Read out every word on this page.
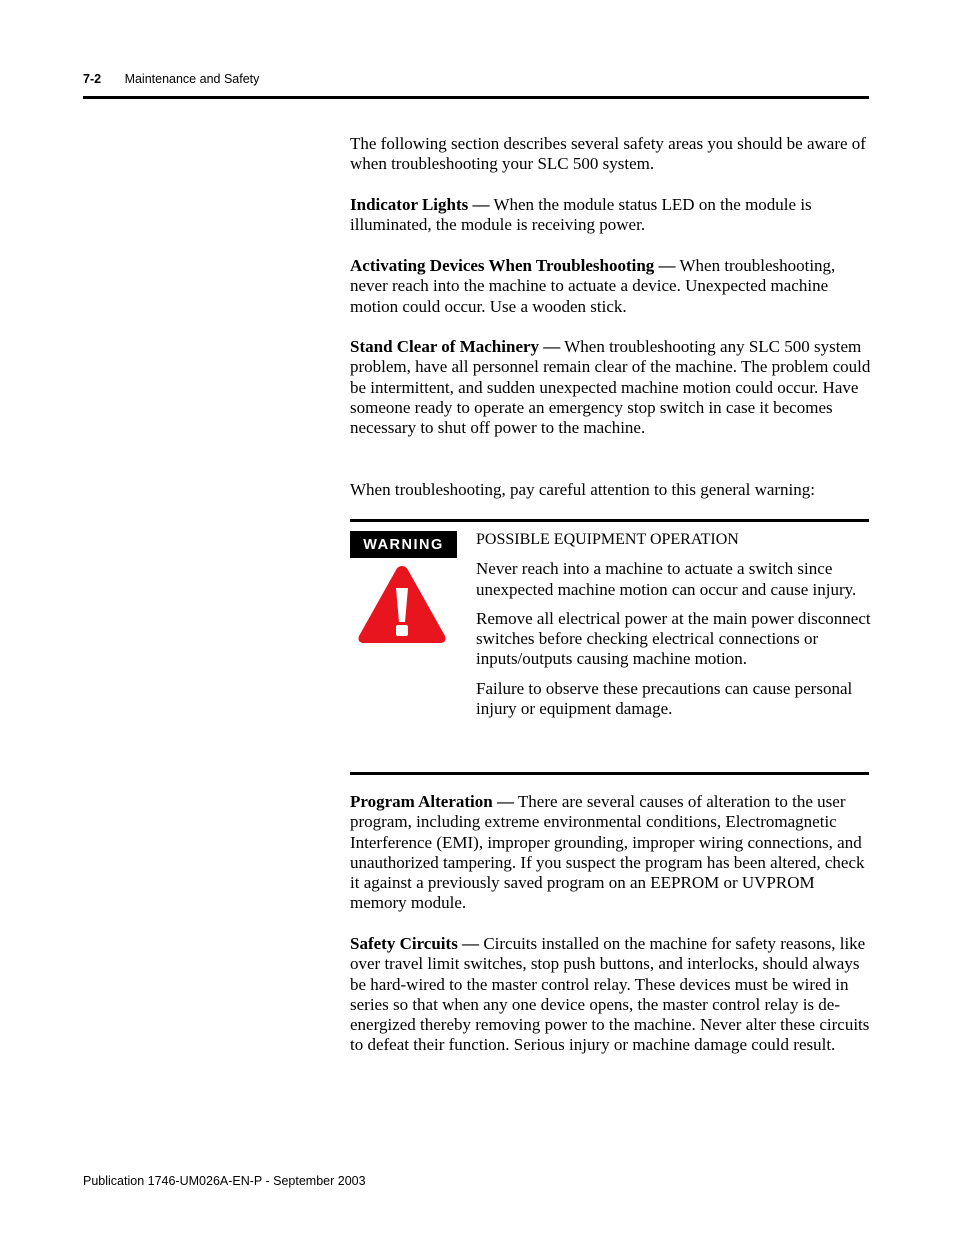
7-2 Maintenance and Safety

The following section describes several safety areas you should be aware of when troubleshooting your SLC 500 system.

Indicator Lights — When the module status LED on the module is illuminated, the module is receiving power.

Activating Devices When Troubleshooting — When troubleshooting, never reach into the machine to actuate a device. Unexpected machine motion could occur. Use a wooden stick.

Stand Clear of Machinery — When troubleshooting any SLC 500 system problem, have all personnel remain clear of the machine. The problem could be intermittent, and sudden unexpected machine motion could occur. Have someone ready to operate an emergency stop switch in case it becomes necessary to shut off power to the machine.

When troubleshooting, pay careful attention to this general warning:

WARNING	POSSIBLE EQUIPMENT OPERATION

Never reach into a machine to actuate a switch since unexpected machine motion can occur and cause injury.

Remove all electrical power at the main power disconnect switches before checking electrical connections or inputs/outputs causing machine motion.

Failure to observe these precautions can cause personal injury or equipment damage.

Program Alteration — There are several causes of alteration to the user program, including extreme environmental conditions, Electromagnetic Interference (EMI), improper grounding, improper wiring connections, and unauthorized tampering. If you suspect the program has been altered, check it against a previously saved program on an EEPROM or UVPROM memory module.

Safety Circuits — Circuits installed on the machine for safety reasons, like over travel limit switches, stop push buttons, and interlocks, should always be hard-wired to the master control relay. These devices must be wired in series so that when any one device opens, the master control relay is de-energized thereby removing power to the machine. Never alter these circuits to defeat their function. Serious injury or machine damage could result.

Publication 1746-UM026A-EN-P - September 2003
